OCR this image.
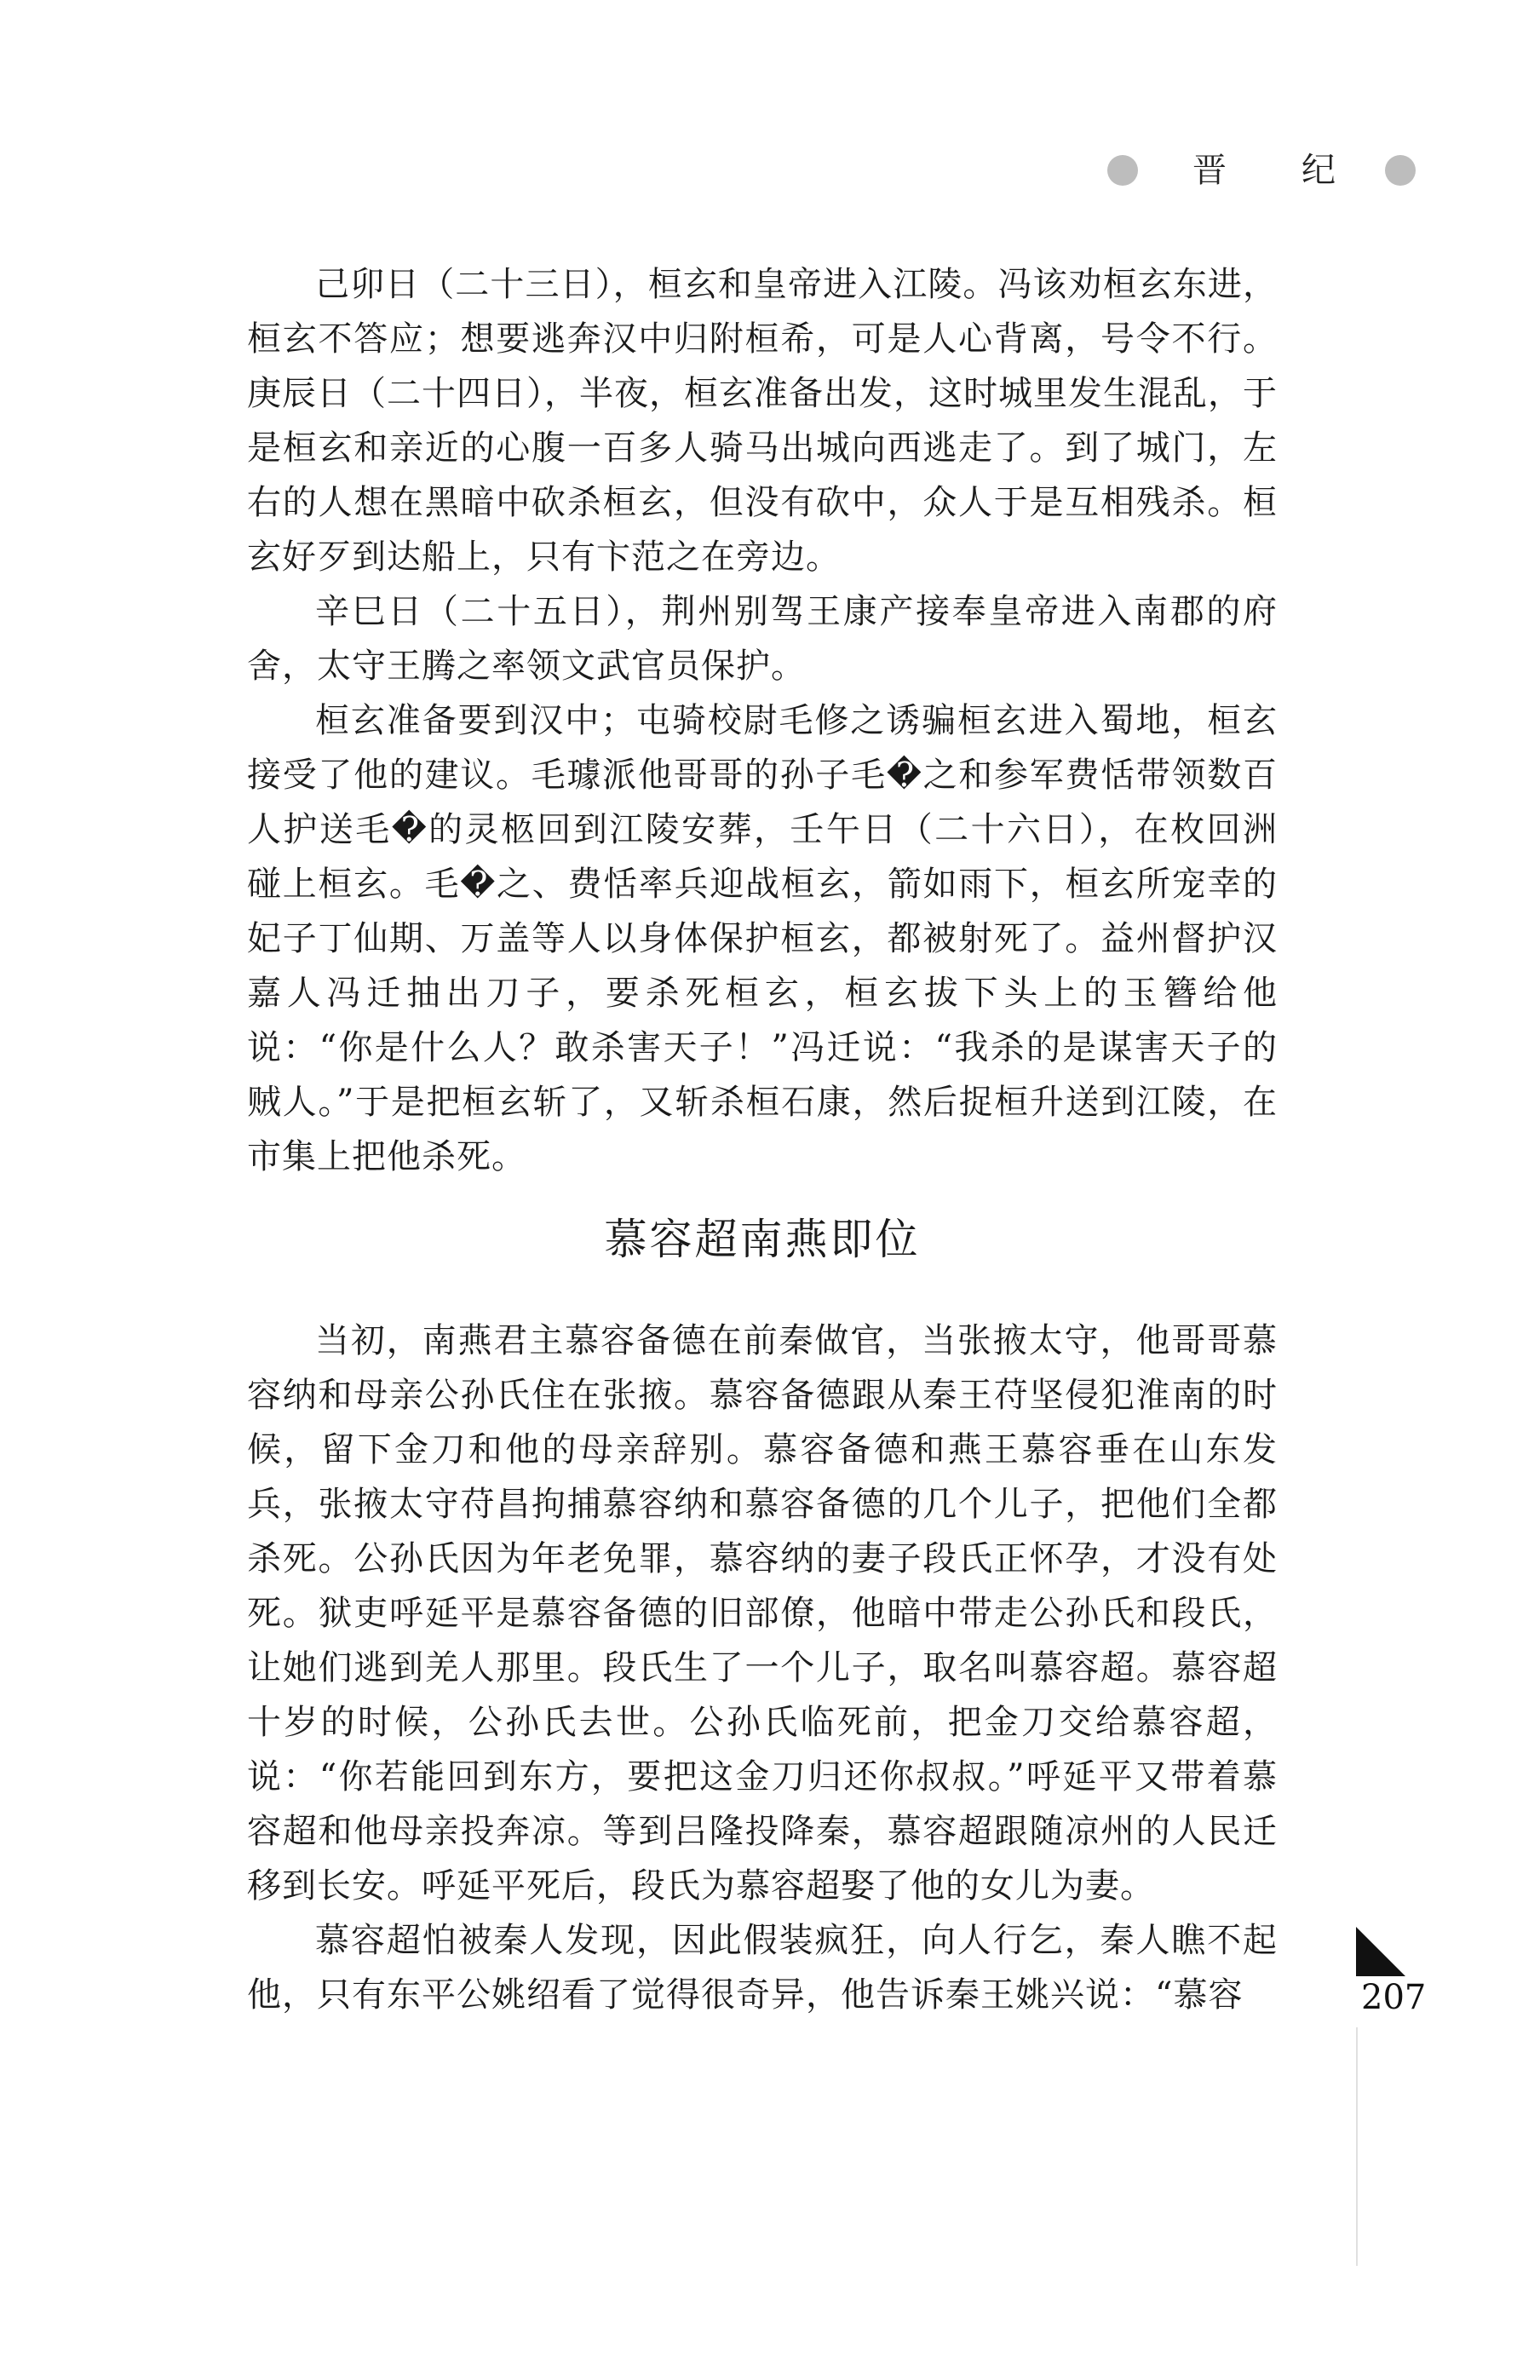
晋 纪

己卯日（二十三日），桓玄和皇帝进入江陵。冯该劝桓玄东进，桓玄不答应；想要逃奔汉中归附桓希，可是人心背离，号令不行。庚辰日（二十四日），半夜，桓玄准备出发，这时城里发生混乱，于是桓玄和亲近的心腹一百多人骑马出城向西逃走了。到了城门，左右的人想在黑暗中砍杀桓玄，但没有砍中，众人于是互相残杀。桓玄好歹到达船上，只有卞范之在旁边。

辛巳日（二十五日），荆州别驾王康产接奉皇帝进入南郡的府舍，太守王腾之率领文武官员保护。

桓玄准备要到汉中；屯骑校尉毛修之诱骗桓玄进入蜀地，桓玄接受了他的建议。毛璩派他哥哥的孙子毛�之和参军费恬带领数百人护送毛�的灵柩回到江陵安葬，壬午日（二十六日），在枚回洲碰上桓玄。毛�之、费恬率兵迎战桓玄，箭如雨下，桓玄所宠幸的妃子丁仙期、万盖等人以身体保护桓玄，都被射死了。益州督护汉嘉人冯迁抽出刀子，要杀死桓玄，桓玄拔下头上的玉簪给他说：“你是什么人？敢杀害天子！”冯迁说：“我杀的是谋害天子的贼人。”于是把桓玄斩了，又斩杀桓石康，然后捉桓升送到江陵，在市集上把他杀死。

慕容超南燕即位

当初，南燕君主慕容备德在前秦做官，当张掖太守，他哥哥慕容纳和母亲公孙氏住在张掖。慕容备德跟从秦王苻坚侵犯淮南的时候，留下金刀和他的母亲辞别。慕容备德和燕王慕容垂在山东发兵，张掖太守苻昌拘捕慕容纳和慕容备德的几个儿子，把他们全都杀死。公孙氏因为年老免罪，慕容纳的妻子段氏正怀孕，才没有处死。狱吏呼延平是慕容备德的旧部僚，他暗中带走公孙氏和段氏，让她们逃到羌人那里。段氏生了一个儿子，取名叫慕容超。慕容超十岁的时候，公孙氏去世。公孙氏临死前，把金刀交给慕容超，说：“你若能回到东方，要把这金刀归还你叔叔。”呼延平又带着慕容超和他母亲投奔凉。等到吕隆投降秦，慕容超跟随凉州的人民迁移到长安。呼延平死后，段氏为慕容超娶了他的女儿为妻。

慕容超怕被秦人发现，因此假装疯狂，向人行乞，秦人瞧不起他，只有东平公姚绍看了觉得很奇异，他告诉秦王姚兴说：“慕容	207
